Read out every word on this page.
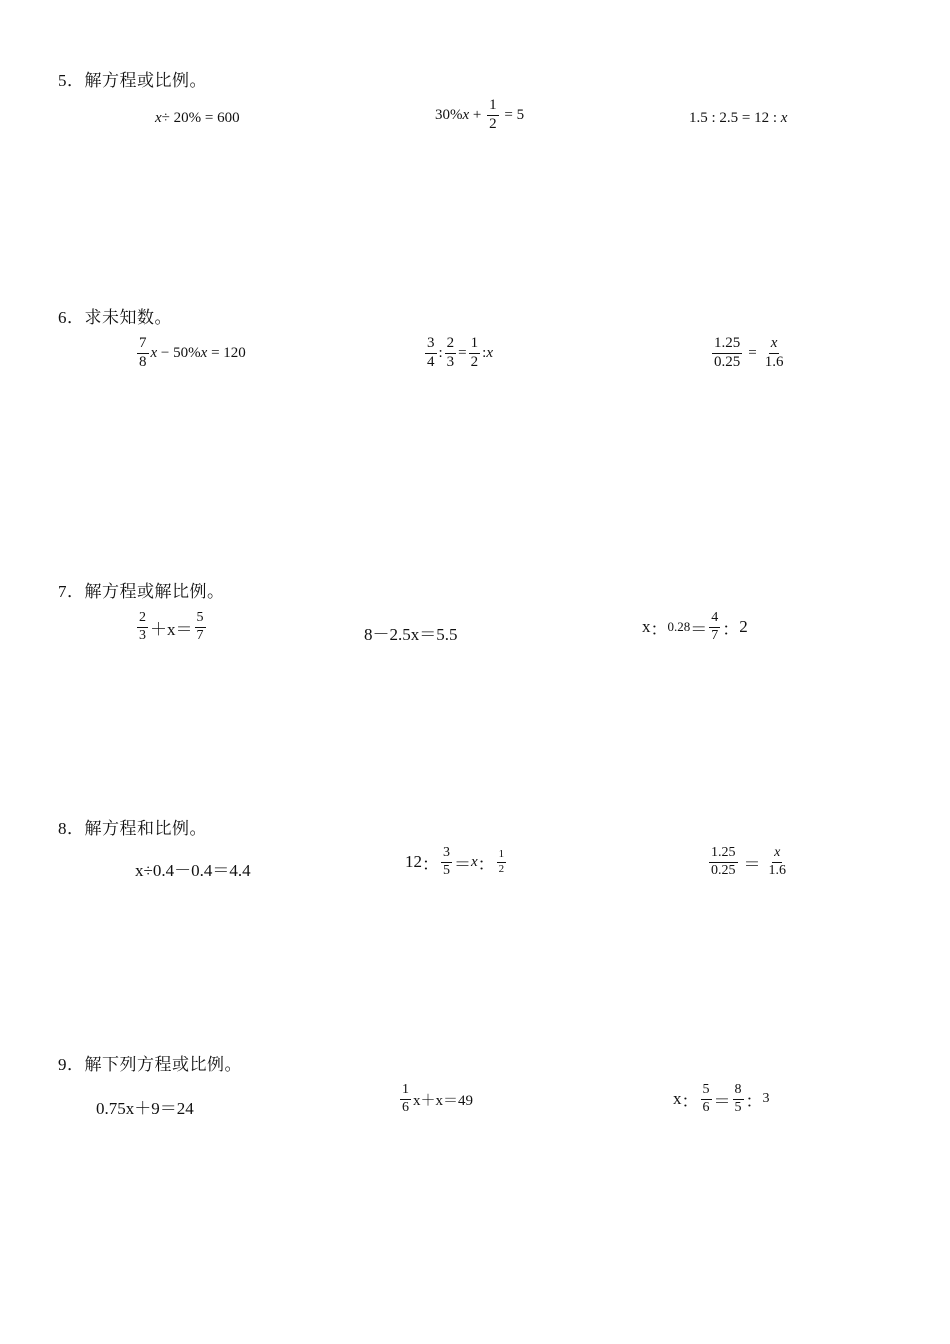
5．解方程或比例。
x ÷ 20% = 600	30% $x + \frac{1}{2} = 5$	1.5 : 2.5 = 12 : x
6．求未知数。
$\frac{7}{8}$ x − 50% x = 120	$\frac{3}{4}$ : $\frac{2}{3} = \frac{1}{2}$ : x	$\frac{1.25}{0.25} = \frac{x}{1.6}$
7．解方程或解比例。
$\frac{2}{3} +x= \frac{5}{7}$	8－2.5x＝5.5	x ： $0.28 = \frac{4}{7}$ ： 2
8．解方程和比例。
x÷0.4－0.4＝4.4	12 ： $\frac{3}{5} = x$ ： $\frac{1}{2}$	$\frac{1.25}{0.25} = \frac{x}{1.6}$
9．解下列方程或比例。
0.75x＋9＝24	$\frac{1}{6} x+x=49$	x ： $\frac{5}{6} = \frac{8}{5}$ ： 3
